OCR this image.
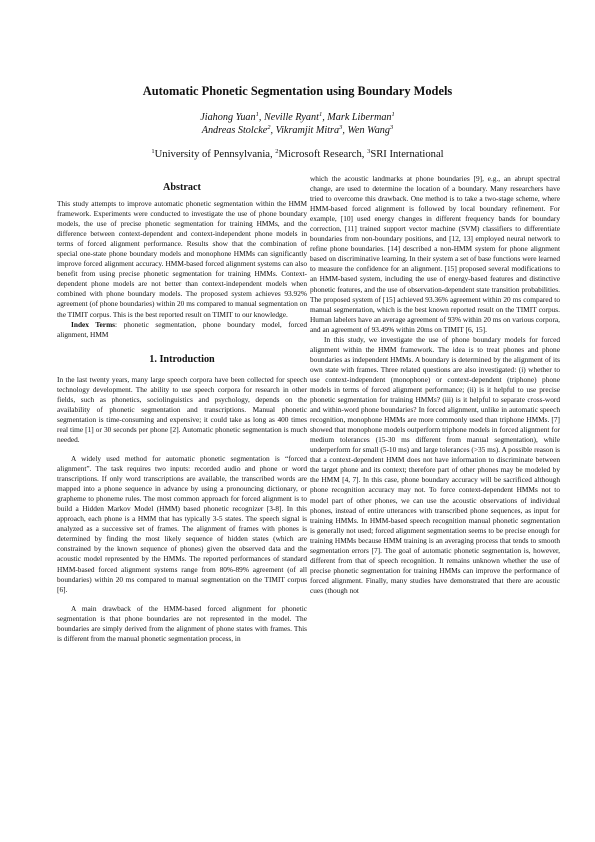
Automatic Phonetic Segmentation using Boundary Models
Jiahong Yuan$^1$, Neville Ryant$^1$, Mark Liberman$^1$
Andreas Stolcke$^2$, Vikramjit Mitra$^3$, Wen Wang$^3$
$^1$University of Pennsylvania, $^2$Microsoft Research, $^3$SRI International
Abstract

This study attempts to improve automatic phonetic segmentation within the HMM framework. Experiments were conducted to investigate the use of phone boundary models, the use of precise phonetic segmentation for training HMMs, and the difference between context-dependent and context-independent phone models in terms of forced alignment performance. Results show that the combination of special one-state phone boundary models and monophone HMMs can significantly improve forced alignment accuracy. HMM-based forced alignment systems can also benefit from using precise phonetic segmentation for training HMMs. Context-dependent phone models are not better than context-independent models when combined with phone boundary models. The proposed system achieves 93.92% agreement (of phone boundaries) within 20 ms compared to manual segmentation on the TIMIT corpus. This is the best reported result on TIMIT to our knowledge.

Index Terms: phonetic segmentation, phone boundary model, forced alignment, HMM

1. Introduction

In the last twenty years, many large speech corpora have been collected for speech technology development. The ability to use speech corpora for research in other fields, such as phonetics, sociolinguistics and psychology, depends on the availability of phonetic segmentation and transcriptions. Manual phonetic segmentation is time-consuming and expensive; it could take as long as 400 times real time [1] or 30 seconds per phone [2]. Automatic phonetic segmentation is much needed.

A widely used method for automatic phonetic segmentation is “forced alignment”. The task requires two inputs: recorded audio and phone or word transcriptions. If only word transcriptions are available, the transcribed words are mapped into a phone sequence in advance by using a pronouncing dictionary, or grapheme to phoneme rules. The most common approach for forced alignment is to build a Hidden Markov Model (HMM) based phonetic recognizer [3-8]. In this approach, each phone is a HMM that has typically 3-5 states. The speech signal is analyzed as a successive set of frames. The alignment of frames with phones is determined by finding the most likely sequence of hidden states (which are constrained by the known sequence of phones) given the observed data and the acoustic model represented by the HMMs. The reported performances of standard HMM-based forced alignment systems range from 80%-89% agreement (of all boundaries) within 20 ms compared to manual segmentation on the TIMIT corpus [6].

A main drawback of the HMM-based forced alignment for phonetic segmentation is that phone boundaries are not represented in the model. The boundaries are simply derived from the alignment of phone states with frames. This is different from the manual phonetic segmentation process, in

which the acoustic landmarks at phone boundaries [9], e.g., an abrupt spectral change, are used to determine the location of a boundary. Many researchers have tried to overcome this drawback. One method is to take a two-stage scheme, where HMM-based forced alignment is followed by local boundary refinement. For example, [10] used energy changes in different frequency bands for boundary correction, [11] trained support vector machine (SVM) classifiers to differentiate boundaries from non-boundary positions, and [12, 13] employed neural network to refine phone boundaries. [14] described a non-HMM system for phone alignment based on discriminative learning. In their system a set of base functions were learned to measure the confidence for an alignment. [15] proposed several modifications to an HMM-based system, including the use of energy-based features and distinctive phonetic features, and the use of observation-dependent state transition probabilities. The proposed system of [15] achieved 93.36% agreement within 20 ms compared to manual segmentation, which is the best known reported result on the TIMIT corpus. Human labelers have an average agreement of 93% within 20 ms on various corpora, and an agreement of 93.49% within 20ms on TIMIT [6, 15].

In this study, we investigate the use of phone boundary models for forced alignment within the HMM framework. The idea is to treat phones and phone boundaries as independent HMMs. A boundary is determined by the alignment of its own state with frames. Three related questions are also investigated: (i) whether to use context-independent (monophone) or context-dependent (triphone) phone models in terms of forced alignment performance; (ii) is it helpful to use precise phonetic segmentation for training HMMs? (iii) is it helpful to separate cross-word and within-word phone boundaries? In forced alignment, unlike in automatic speech recognition, monophone HMMs are more commonly used than triphone HMMs. [7] showed that monophone models outperform triphone models in forced alignment for medium tolerances (15-30 ms different from manual segmentation), while underperform for small (5-10 ms) and large tolerances (>35 ms). A possible reason is that a context-dependent HMM does not have information to discriminate between the target phone and its context; therefore part of other phones may be modeled by the HMM [4, 7]. In this case, phone boundary accuracy will be sacrificed although phone recognition accuracy may not. To force context-dependent HMMs not to model part of other phones, we can use the acoustic observations of individual phones, instead of entire utterances with transcribed phone sequences, as input for training HMMs. In HMM-based speech recognition manual phonetic segmentation is generally not used; forced alignment segmentation seems to be precise enough for training HMMs because HMM training is an averaging process that tends to smooth segmentation errors [7]. The goal of automatic phonetic segmentation is, however, different from that of speech recognition. It remains unknown whether the use of precise phonetic segmentation for training HMMs can improve the performance of forced alignment. Finally, many studies have demonstrated that there are acoustic cues (though not
